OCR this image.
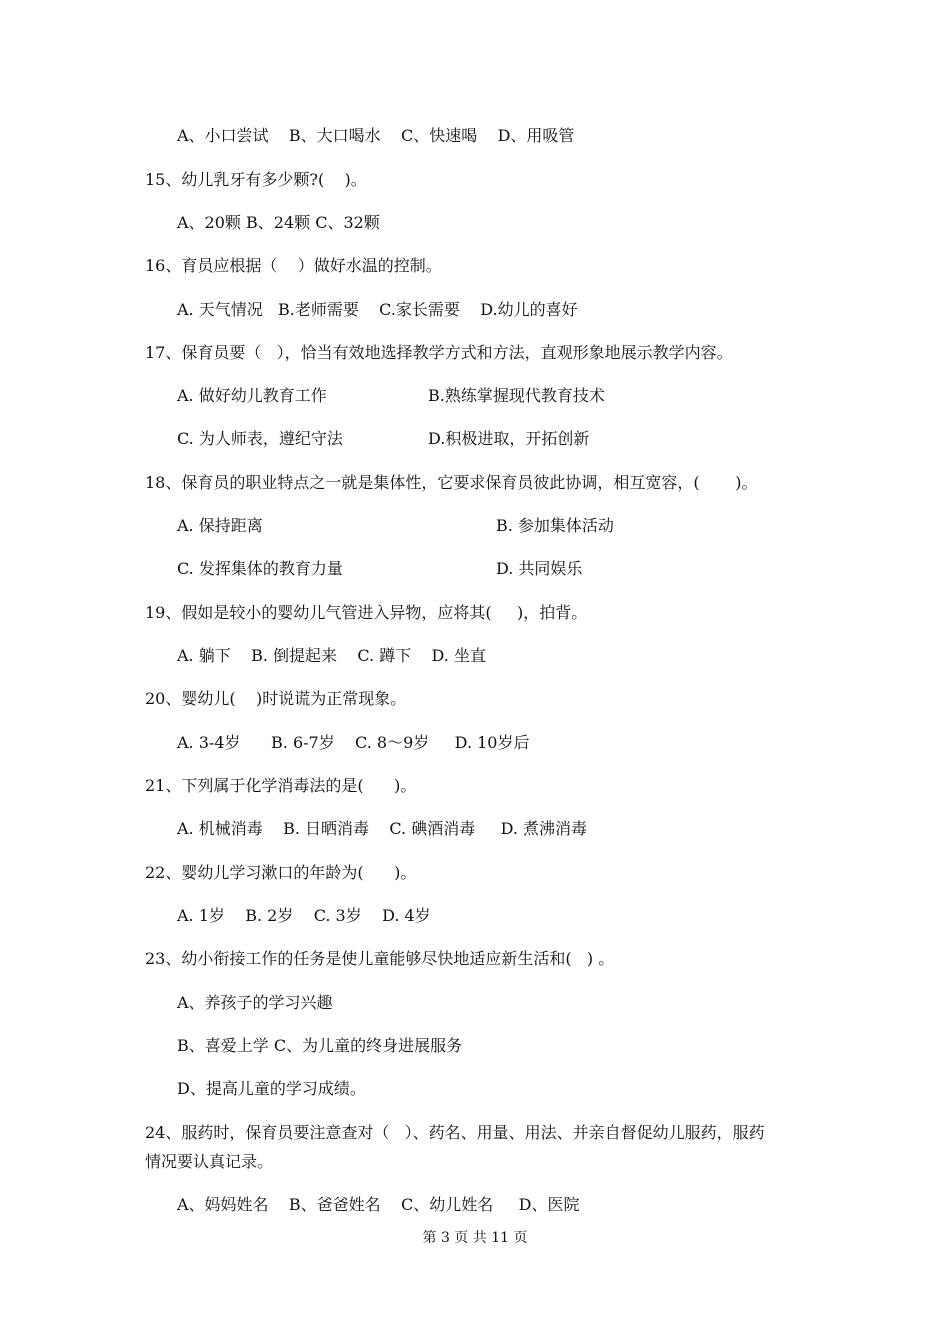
A、小口尝试    B、大口喝水    C、快速喝    D、用吸管

15、幼儿乳牙有多少颗?(    )。

A、20颗 B、24颗 C、32颗

16、育员应根据（    ）做好水温的控制。

A. 天气情况   B.老师需要    C.家长需要    D.幼儿的喜好

17、保育员要（   ），恰当有效地选择教学方式和方法，直观形象地展示教学内容。

A. 做好幼儿教育工作	B.熟练掌握现代教育技术

C. 为人师表，遵纪守法	D.积极进取，开拓创新

18、保育员的职业特点之一就是集体性，它要求保育员彼此协调，相互宽容，(       )。

A. 保持距离	B. 参加集体活动

C. 发挥集体的教育力量	D. 共同娱乐

19、假如是较小的婴幼儿气管进入异物，应将其(     )，拍背。

A. 躺下    B. 倒提起来    C. 蹲下    D. 坐直

20、婴幼儿(    )时说谎为正常现象。

A. 3-4岁      B. 6-7岁    C. 8～9岁     D. 10岁后

21、下列属于化学消毒法的是(      )。

A. 机械消毒    B. 日晒消毒    C. 碘酒消毒     D. 煮沸消毒

22、婴幼儿学习漱口的年龄为(      )。

A. 1岁    B. 2岁    C. 3岁    D. 4岁

23、幼小衔接工作的任务是使儿童能够尽快地适应新生活和(   ) 。

A、养孩子的学习兴趣

B、喜爱上学 C、为儿童的终身进展服务

D、提高儿童的学习成绩。

24、服药时，保育员要注意查对（   ）、药名、用量、用法、并亲自督促幼儿服药，服药

情况要认真记录。

A、妈妈姓名    B、爸爸姓名    C、幼儿姓名     D、医院

第 3 页 共 11 页
